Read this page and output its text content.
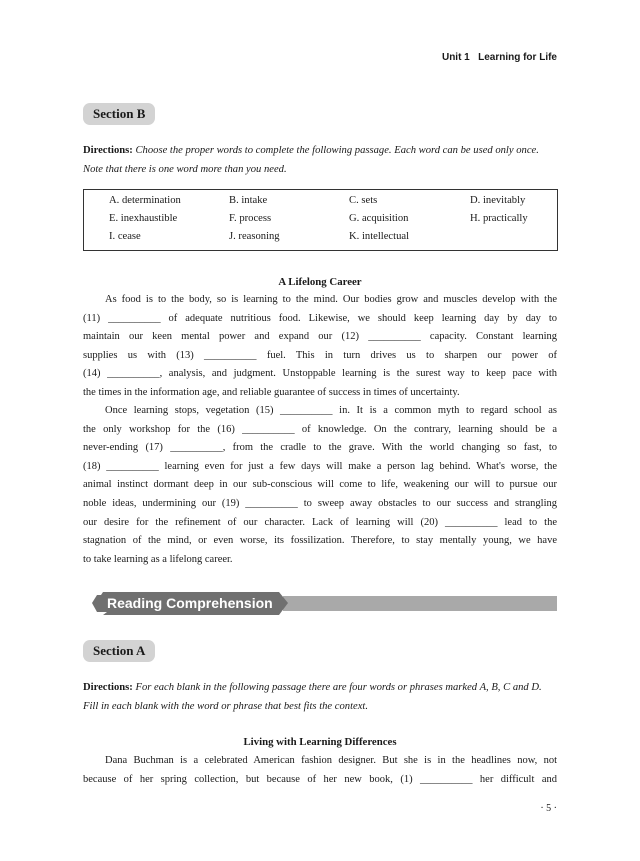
Unit 1 Learning for Life
Section B
Directions: Choose the proper words to complete the following passage. Each word can be used only once. Note that there is one word more than you need.
A. determination	B. intake	C. sets	D. inevitably
E. inexhaustible	F. process	G. acquisition	H. practically
I. cease	J. reasoning	K. intellectual
A Lifelong Career
As food is to the body, so is learning to the mind. Our bodies grow and muscles develop with the
(11) __________ of adequate nutritious food. Likewise, we should keep learning day by day to
maintain our keen mental power and expand our (12) __________ capacity. Constant learning
supplies us with (13) __________ fuel. This in turn drives us to sharpen our power of
(14) __________, analysis, and judgment. Unstoppable learning is the surest way to keep pace with
the times in the information age, and reliable guarantee of success in times of uncertainty.
Once learning stops, vegetation (15) __________ in. It is a common myth to regard school as
the only workshop for the (16) __________ of knowledge. On the contrary, learning should be a
never-ending (17) __________, from the cradle to the grave. With the world changing so fast, to
(18) __________ learning even for just a few days will make a person lag behind. What's worse, the
animal instinct dormant deep in our sub-conscious will come to life, weakening our will to pursue our
noble ideas, undermining our (19) __________ to sweep away obstacles to our success and strangling
our desire for the refinement of our character. Lack of learning will (20) __________ lead to the
stagnation of the mind, or even worse, its fossilization. Therefore, to stay mentally young, we have
to take learning as a lifelong career.
Reading Comprehension
Section A
Directions: For each blank in the following passage there are four words or phrases marked A, B, C and D. Fill in each blank with the word or phrase that best fits the context.
Living with Learning Differences
Dana Buchman is a celebrated American fashion designer. But she is in the headlines now, not
because of her spring collection, but because of her new book, (1) __________ her difficult and
· 5 ·
